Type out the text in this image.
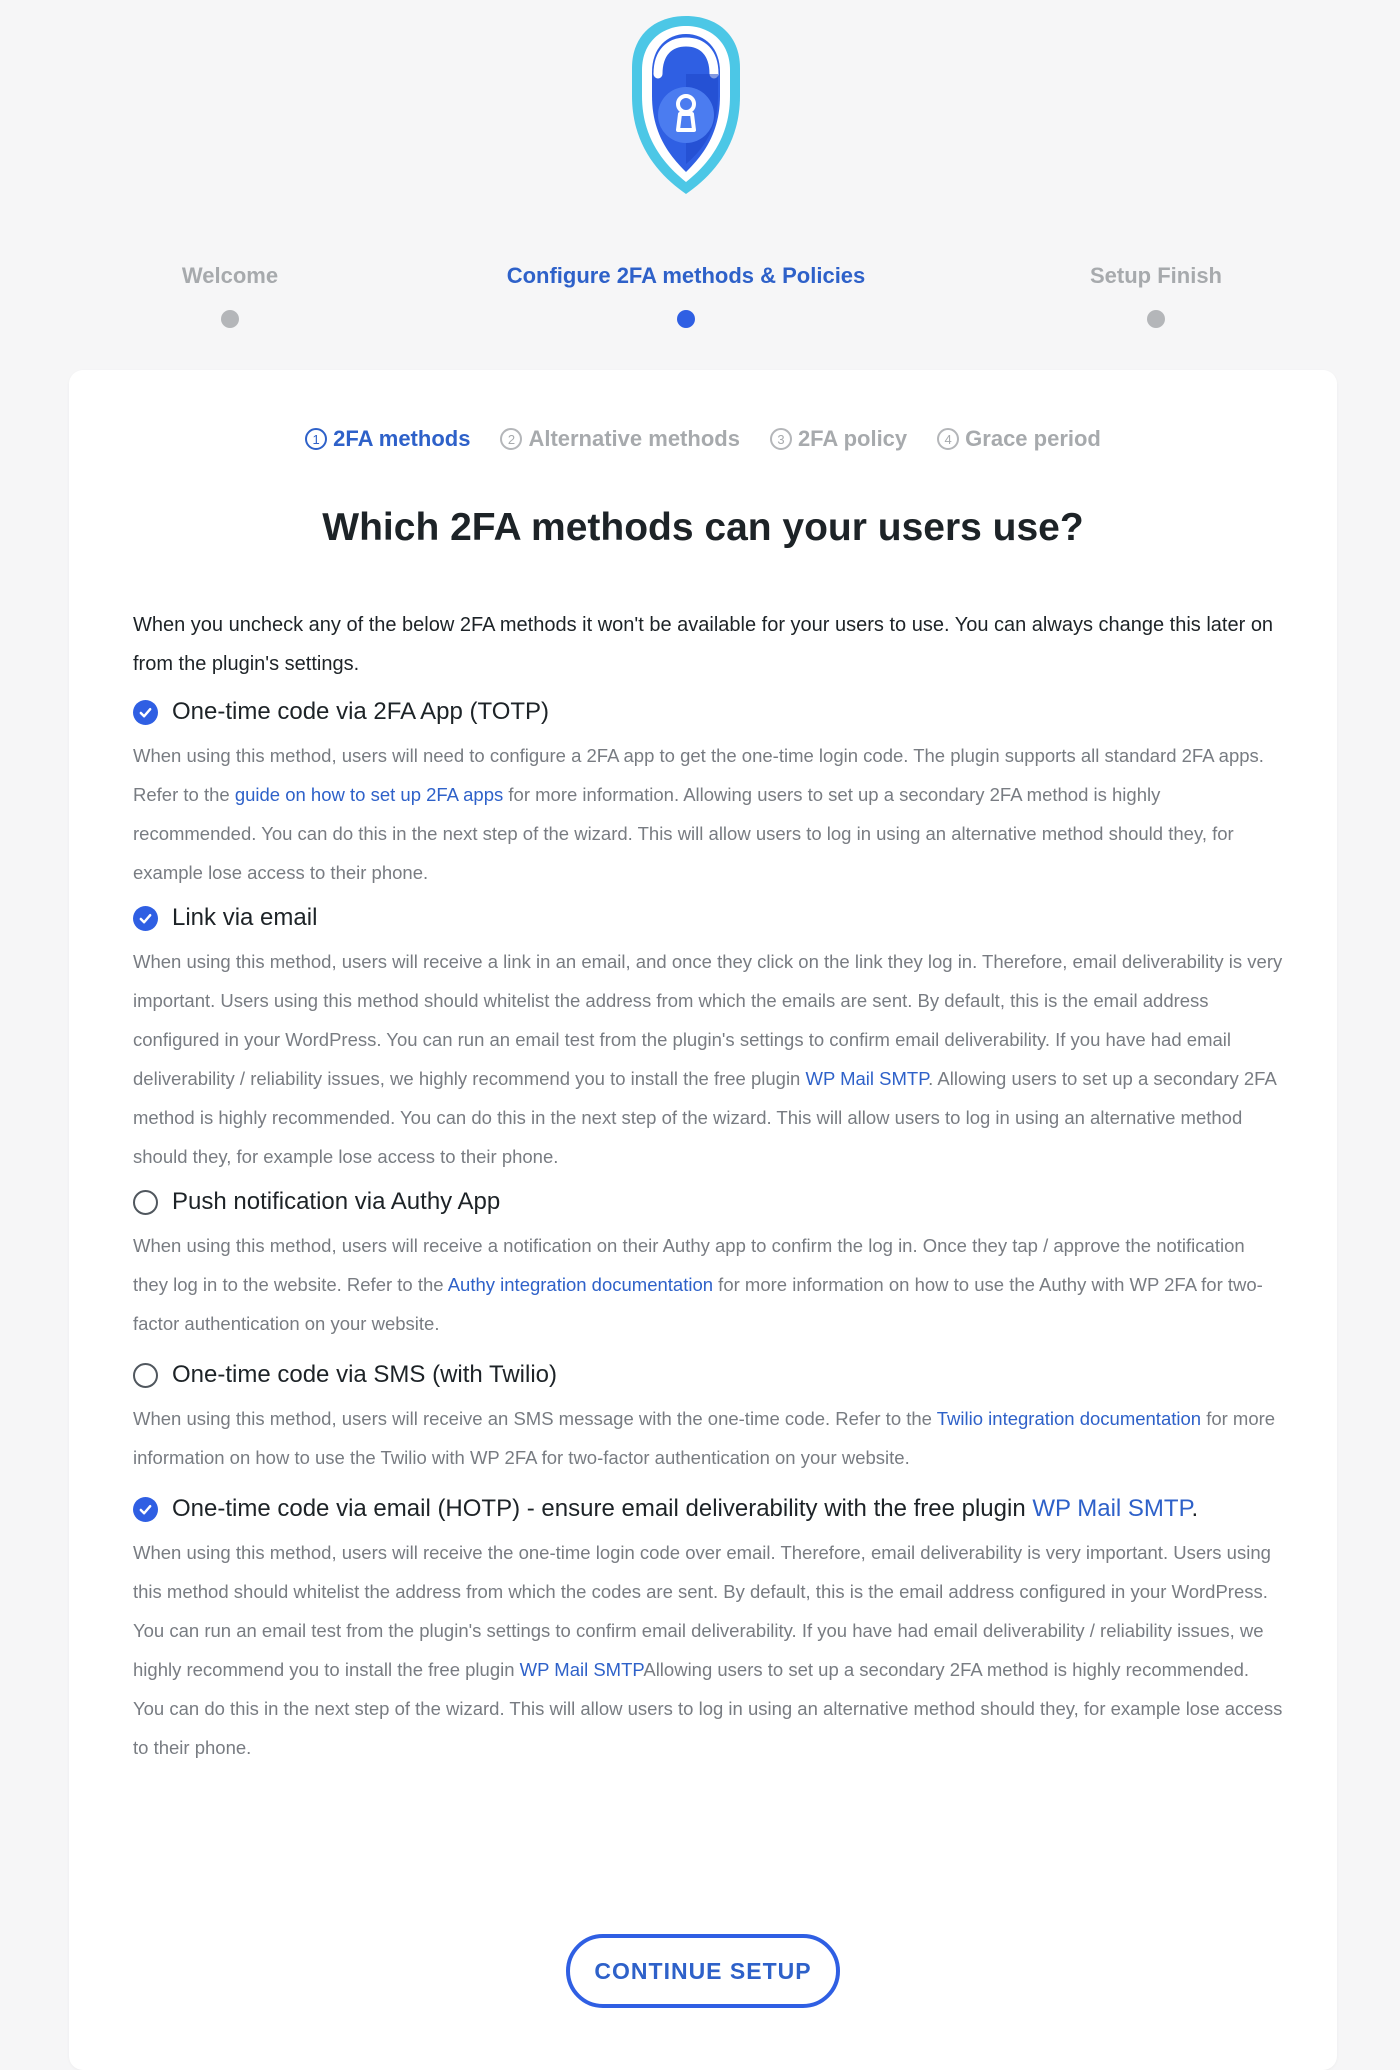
Welcome	Configure 2FA methods & Policies	Setup Finish
1 2FA methods	2 Alternative methods	3 2FA policy	4 Grace period
Which 2FA methods can your users use?

When you uncheck any of the below 2FA methods it won't be available for your users to use. You can always change this later on from the plugin's settings.

One-time code via 2FA App (TOTP)

When using this method, users will need to configure a 2FA app to get the one-time login code. The plugin supports all standard 2FA apps. Refer to the guide on how to set up 2FA apps for more information. Allowing users to set up a secondary 2FA method is highly recommended. You can do this in the next step of the wizard. This will allow users to log in using an alternative method should they, for example lose access to their phone.

Link via email

When using this method, users will receive a link in an email, and once they click on the link they log in. Therefore, email deliverability is very important. Users using this method should whitelist the address from which the emails are sent. By default, this is the email address configured in your WordPress. You can run an email test from the plugin's settings to confirm email deliverability. If you have had email deliverability / reliability issues, we highly recommend you to install the free plugin WP Mail SMTP. Allowing users to set up a secondary 2FA method is highly recommended. You can do this in the next step of the wizard. This will allow users to log in using an alternative method should they, for example lose access to their phone.

Push notification via Authy App

When using this method, users will receive a notification on their Authy app to confirm the log in. Once they tap / approve the notification they log in to the website. Refer to the Authy integration documentation for more information on how to use the Authy with WP 2FA for two-factor authentication on your website.

One-time code via SMS (with Twilio)

When using this method, users will receive an SMS message with the one-time code. Refer to the Twilio integration documentation for more information on how to use the Twilio with WP 2FA for two-factor authentication on your website.

One-time code via email (HOTP) - ensure email deliverability with the free plugin WP Mail SMTP.

When using this method, users will receive the one-time login code over email. Therefore, email deliverability is very important. Users using this method should whitelist the address from which the codes are sent. By default, this is the email address configured in your WordPress. You can run an email test from the plugin's settings to confirm email deliverability. If you have had email deliverability / reliability issues, we highly recommend you to install the free plugin WP Mail SMTPAllowing users to set up a secondary 2FA method is highly recommended. You can do this in the next step of the wizard. This will allow users to log in using an alternative method should they, for example lose access to their phone.

CONTINUE SETUP
